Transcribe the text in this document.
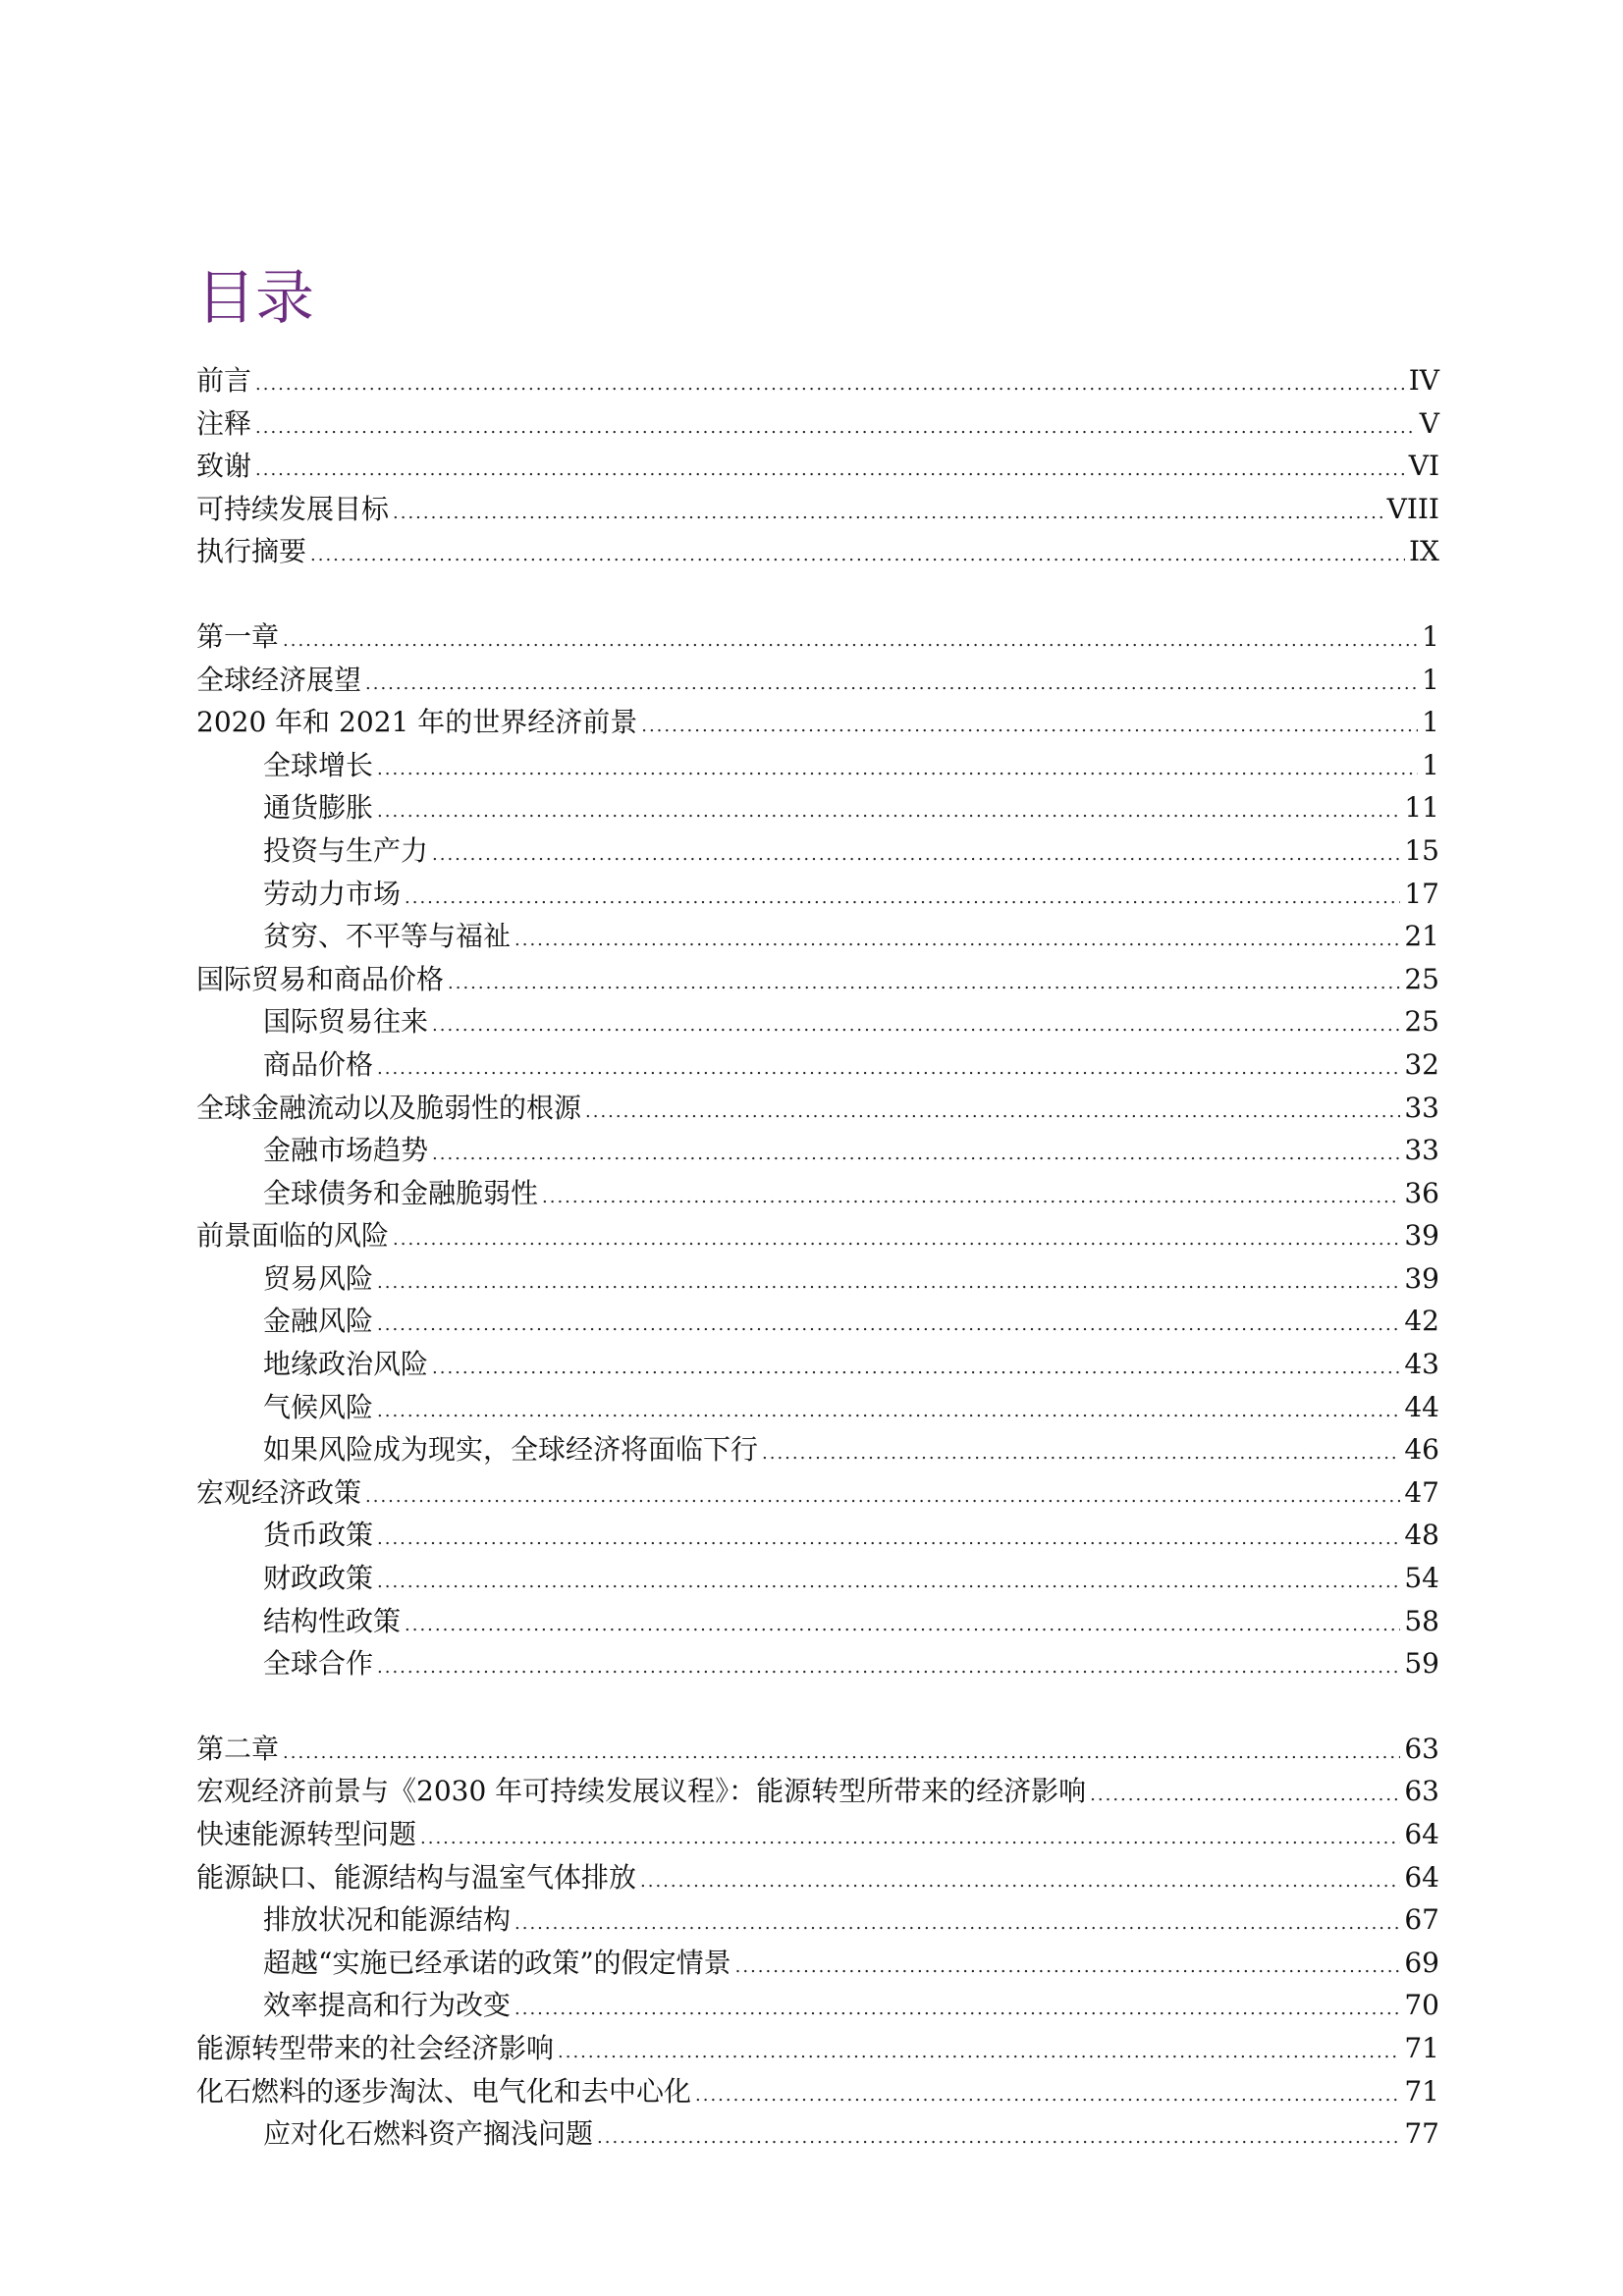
目录
前言 .....	IV
注释 .....	V
致谢 .....	VI
可持续发展目标 .....	VIII
执行摘要 .....	IX
第一章 .....	1
全球经济展望 .....	1
2020 年和 2021 年的世界经济前景 .....	1
全球增长 .....	1
通货膨胀 .....	11
投资与生产力 .....	15
劳动力市场 .....	17
贫穷、不平等与福祉 .....	21
国际贸易和商品价格 .....	25
国际贸易往来 .....	25
商品价格 .....	32
全球金融流动以及脆弱性的根源 .....	33
金融市场趋势 .....	33
全球债务和金融脆弱性 .....	36
前景面临的风险 .....	39
贸易风险 .....	39
金融风险 .....	42
地缘政治风险 .....	43
气候风险 .....	44
如果风险成为现实，全球经济将面临下行 .....	46
宏观经济政策 .....	47
货币政策 .....	48
财政政策 .....	54
结构性政策 .....	58
全球合作 .....	59
第二章 .....	63
宏观经济前景与《2030 年可持续发展议程》：能源转型所带来的经济影响 .....	63
快速能源转型问题 .....	64
能源缺口、能源结构与温室气体排放 .....	64
排放状况和能源结构 .....	67
超越“实施已经承诺的政策”的假定情景 .....	69
效率提高和行为改变 .....	70
能源转型带来的社会经济影响 .....	71
化石燃料的逐步淘汰、电气化和去中心化 .....	71
应对化石燃料资产搁浅问题 .....	77
